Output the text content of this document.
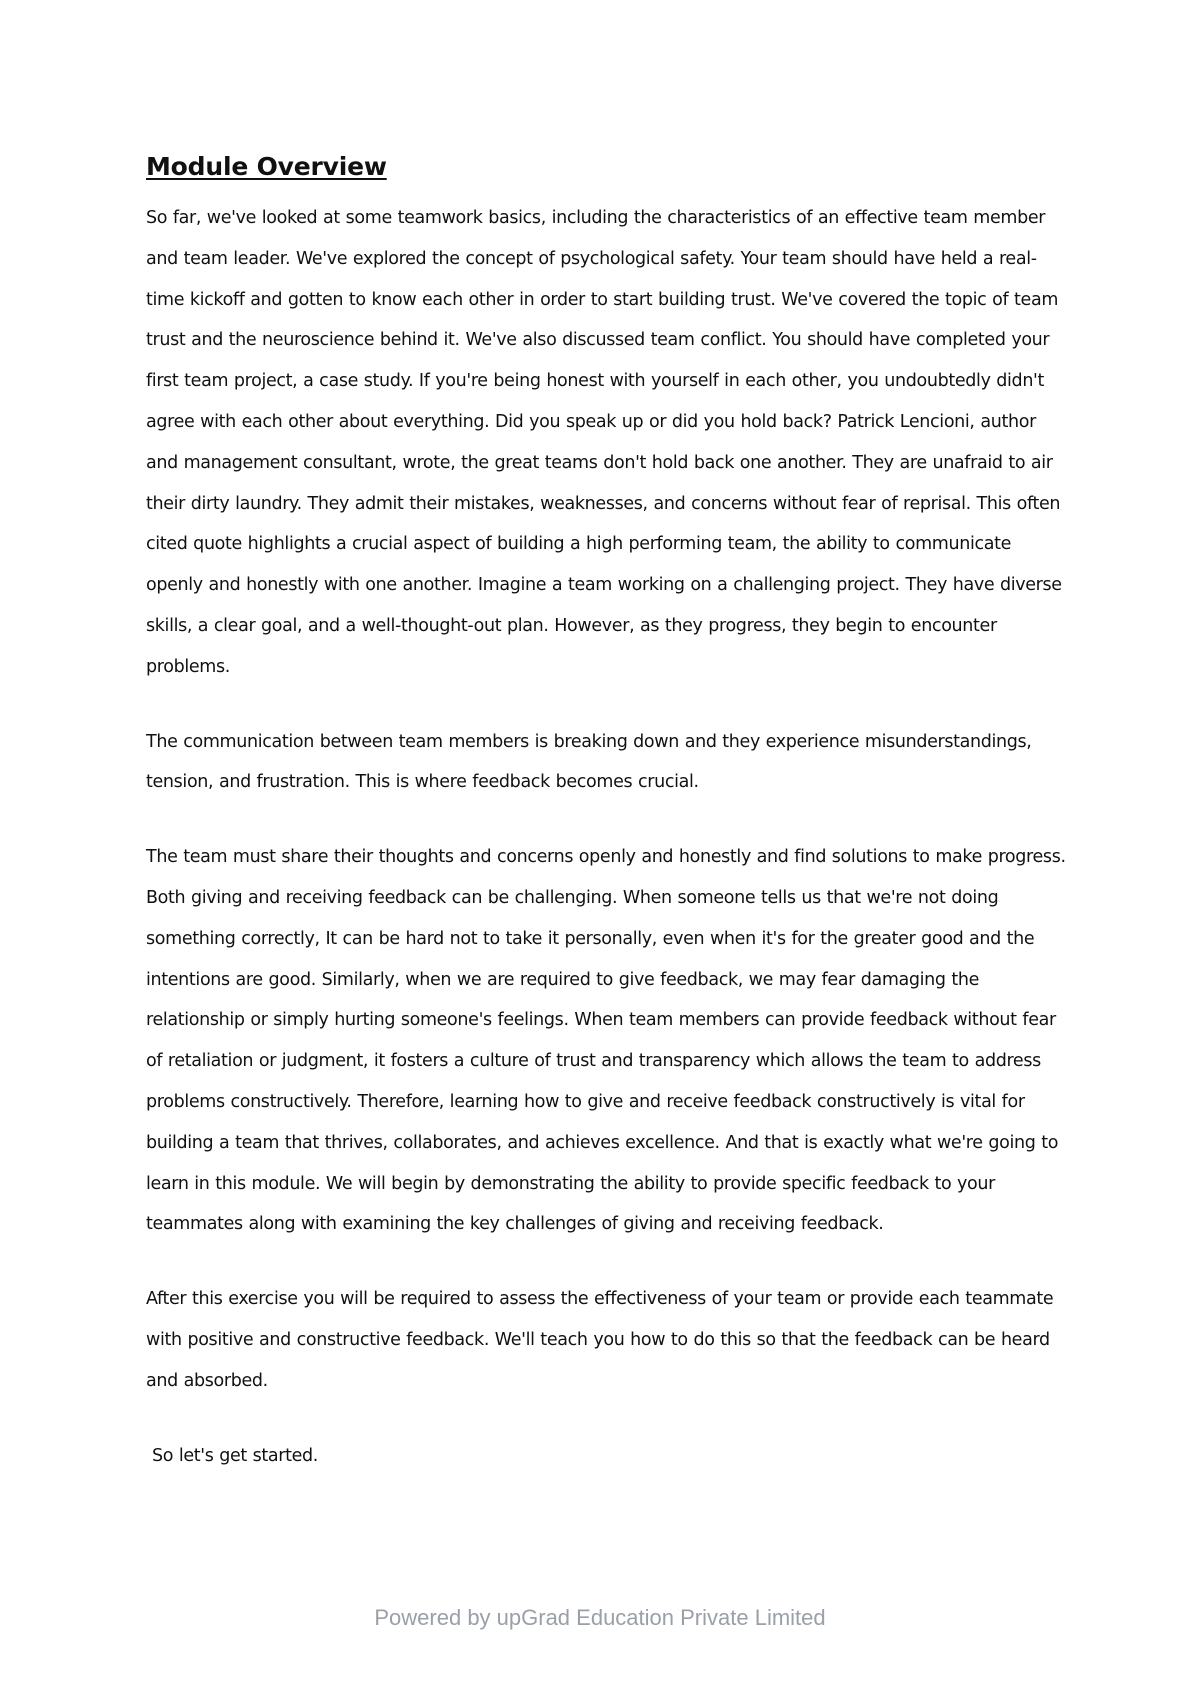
Module Overview

So far, we've looked at some teamwork basics, including the characteristics of an effective team member and team leader. We've explored the concept of psychological safety. Your team should have held a real-time kickoff and gotten to know each other in order to start building trust. We've covered the topic of team trust and the neuroscience behind it. We've also discussed team conflict. You should have completed your first team project, a case study. If you're being honest with yourself in each other, you undoubtedly didn't agree with each other about everything. Did you speak up or did you hold back? Patrick Lencioni, author and management consultant, wrote, the great teams don't hold back one another. They are unafraid to air their dirty laundry. They admit their mistakes, weaknesses, and concerns without fear of reprisal. This often cited quote highlights a crucial aspect of building a high performing team, the ability to communicate openly and honestly with one another. Imagine a team working on a challenging project. They have diverse skills, a clear goal, and a well-thought-out plan. However, as they progress, they begin to encounter problems.

The communication between team members is breaking down and they experience misunderstandings, tension, and frustration. This is where feedback becomes crucial.

The team must share their thoughts and concerns openly and honestly and find solutions to make progress. Both giving and receiving feedback can be challenging. When someone tells us that we're not doing something correctly, It can be hard not to take it personally, even when it's for the greater good and the intentions are good. Similarly, when we are required to give feedback, we may fear damaging the relationship or simply hurting someone's feelings. When team members can provide feedback without fear of retaliation or judgment, it fosters a culture of trust and transparency which allows the team to address problems constructively. Therefore, learning how to give and receive feedback constructively is vital for building a team that thrives, collaborates, and achieves excellence. And that is exactly what we're going to learn in this module. We will begin by demonstrating the ability to provide specific feedback to your teammates along with examining the key challenges of giving and receiving feedback.

After this exercise you will be required to assess the effectiveness of your team or provide each teammate with positive and constructive feedback. We'll teach you how to do this so that the feedback can be heard and absorbed.

So let's get started.

Powered by upGrad Education Private Limited
